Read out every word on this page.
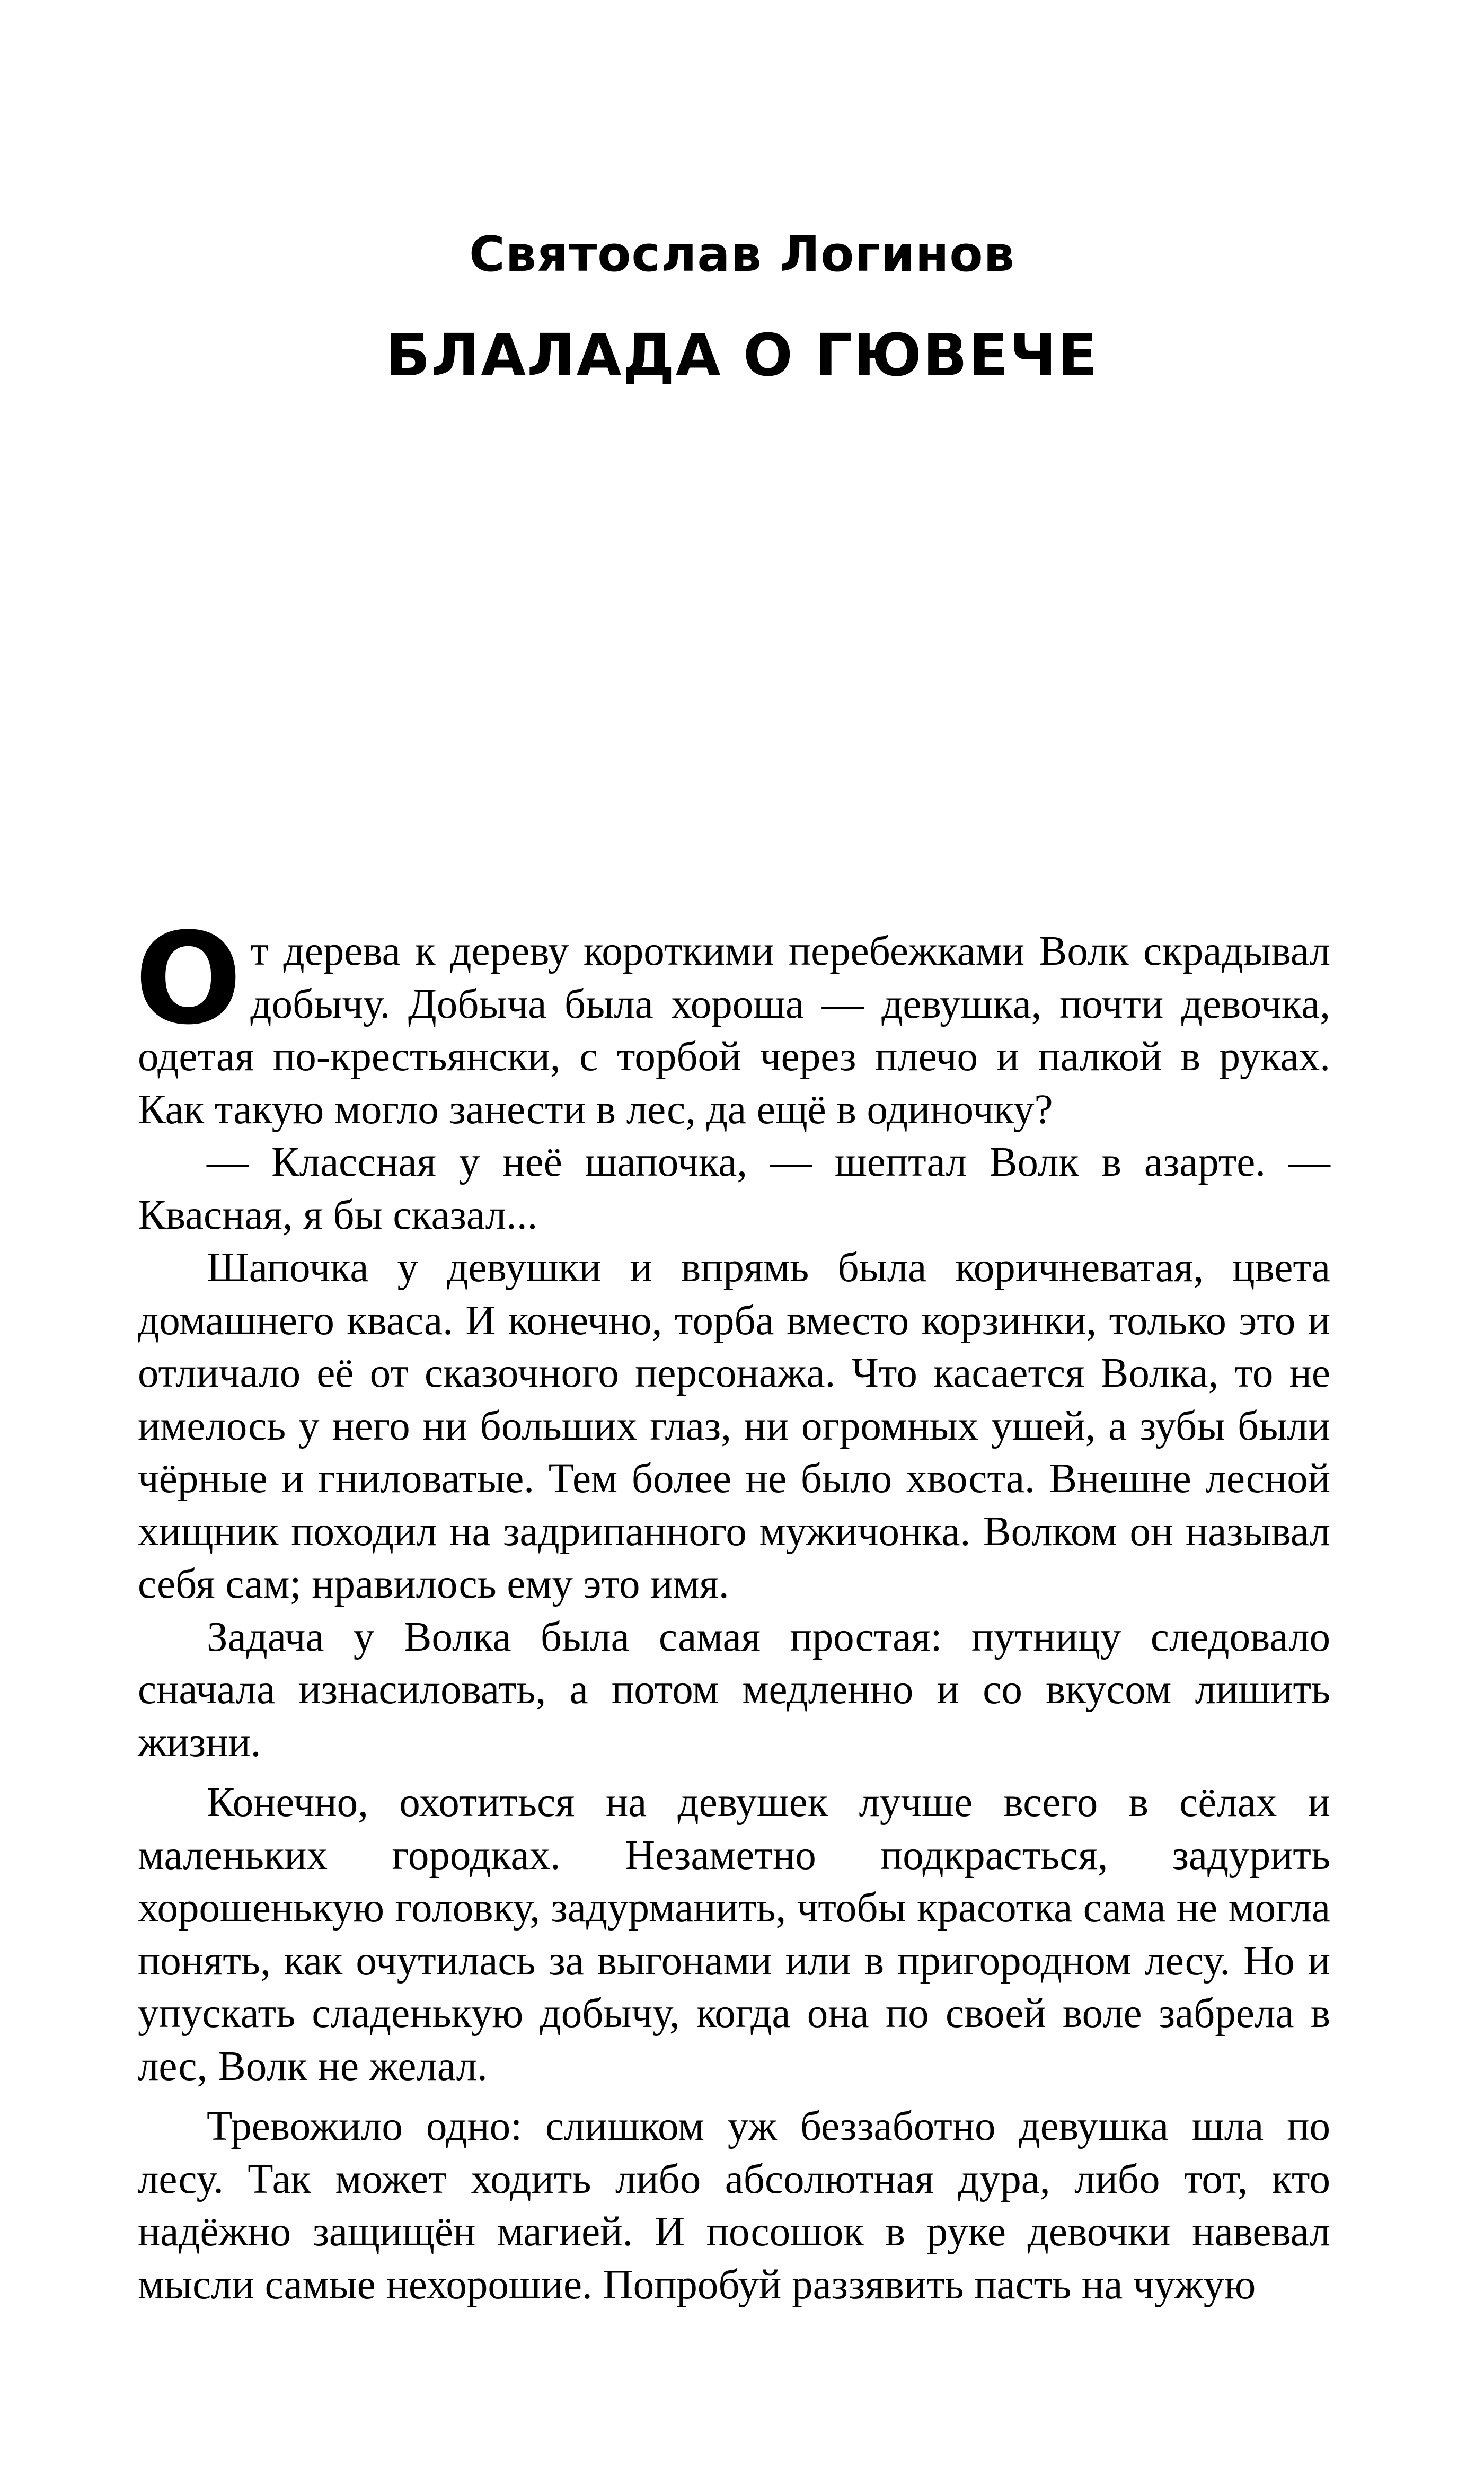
Святослав Логинов
БЛАЛАДА О ГЮВЕЧЕ

От дерева к дереву короткими перебежками Волк скрадывал добычу. Добыча была хороша — девушка, почти девочка, одетая по-крестьянски, с торбой через плечо и палкой в руках. Как такую могло занести в лес, да ещё в одиночку?

— Классная у неё шапочка, — шептал Волк в азарте. — Квасная, я бы сказал...

Шапочка у девушки и впрямь была коричневатая, цвета домашнего кваса. И конечно, торба вместо корзинки, только это и отличало её от сказочного персонажа. Что касается Волка, то не имелось у него ни больших глаз, ни огромных ушей, а зубы были чёрные и гниловатые. Тем более не было хвоста. Внешне лесной хищник походил на задрипанного мужичонка. Волком он называл себя сам; нравилось ему это имя.

Задача у Волка была самая простая: путницу следовало сначала изнасиловать, а потом медленно и со вкусом лишить жизни.

Конечно, охотиться на девушек лучше всего в сёлах и маленьких городках. Незаметно подкрасться, задурить хорошенькую головку, задурманить, чтобы красотка сама не могла понять, как очутилась за выгонами или в пригородном лесу. Но и упускать сладенькую добычу, когда она по своей воле забрела в лес, Волк не желал.

Тревожило одно: слишком уж беззаботно девушка шла по лесу. Так может ходить либо абсолютная дура, либо тот, кто надёжно защищён магией. И посошок в руке девочки навевал мысли самые нехорошие. Попробуй раззявить пасть на чужую
